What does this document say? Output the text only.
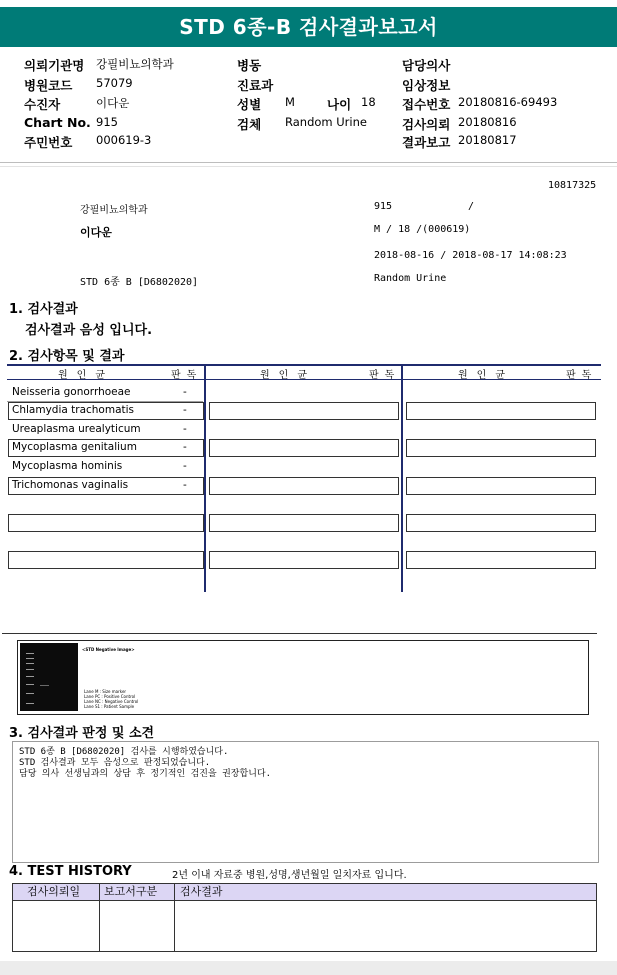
STD 6종-B 검사결과보고서
의뢰기관명 강필비뇨의학과
병원코드 57079
수진자	이다운
Chart No. 915
주민번호 000619-3
병동
진료과
성별 M	나이 18
검체 Random Urine
담당의사
임상정보
접수번호 20180816-69493
검사의뢰 20180816
결과보고 20180817
10817325
강필비뇨의학과	915	/
이다운	M / 18 /(000619)
2018-08-16 / 2018-08-17 14:08:23
STD 6종 B [D6802020]	Random Urine
1. 검사결과
검사결과 음성 입니다.
2. 검사항목 및 결과
원인균	판독	원인균	판독	원인균	판독
Neisseria gonorrhoeae	-
Chlamydia trachomatis	-
Ureaplasma urealyticum	-
Mycoplasma genitalium	-
Mycoplasma hominis	-
Trichomonas vaginalis	-
<STD Negative Image>
Lane M : Size marker
Lane PC : Positive Control
Lane NC : Negative Control
Lane S1 : Patient Sample
3. 검사결과 판정 및 소견
STD 6종 B [D6802020] 검사를 시행하였습니다.
STD 검사결과 모두 음성으로 판정되었습니다.
담당 의사 선생님과의 상담 후 정기적인 검진을 권장합니다.
4. TEST HISTORY	2년 이내 자료중 병원,성명,생년월일 일치자료 입니다.
검사의뢰일 보고서구분 검사결과
